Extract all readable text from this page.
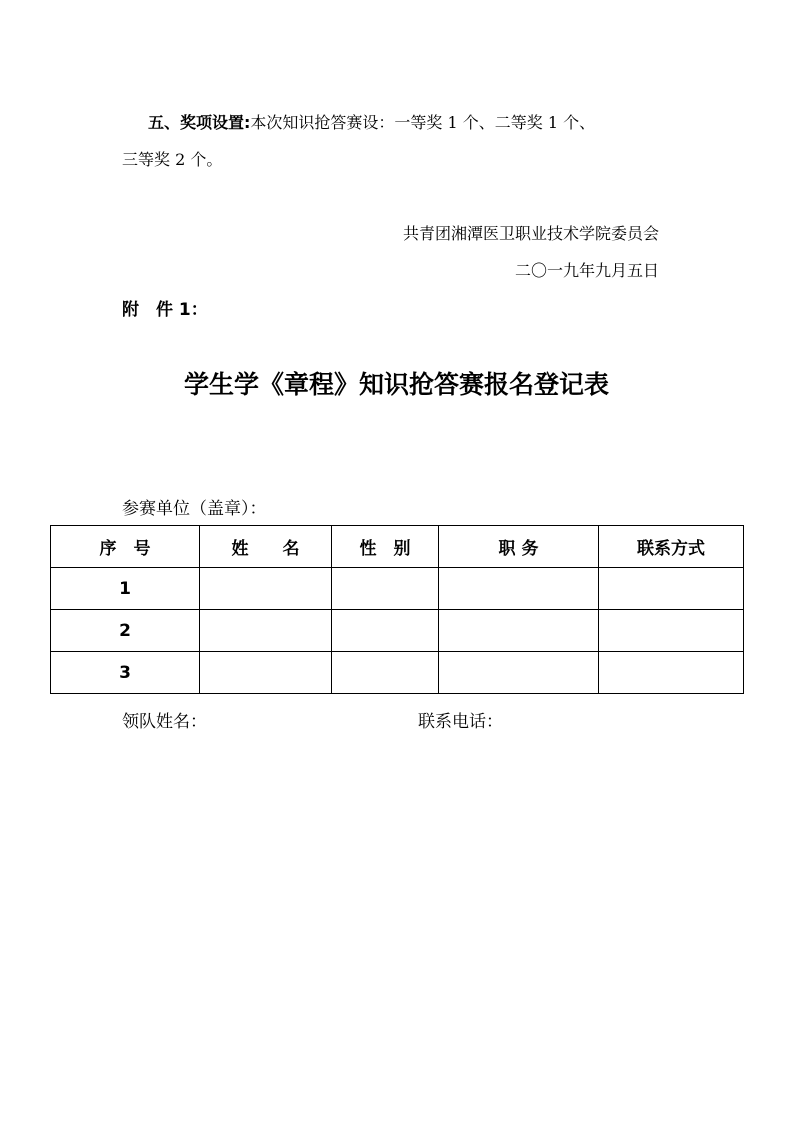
五、奖项设置:本次知识抢答赛设：一等奖 1 个、二等奖 1 个、
三等奖 2 个。
共青团湘潭医卫职业技术学院委员会
二〇一九年九月五日
附　件 1：
学生学《章程》知识抢答赛报名登记表
参赛单位（盖章）：
序　号	姓　　名	性　别	职 务	联系方式
1				
2				
3				
领队姓名：	联系电话：
